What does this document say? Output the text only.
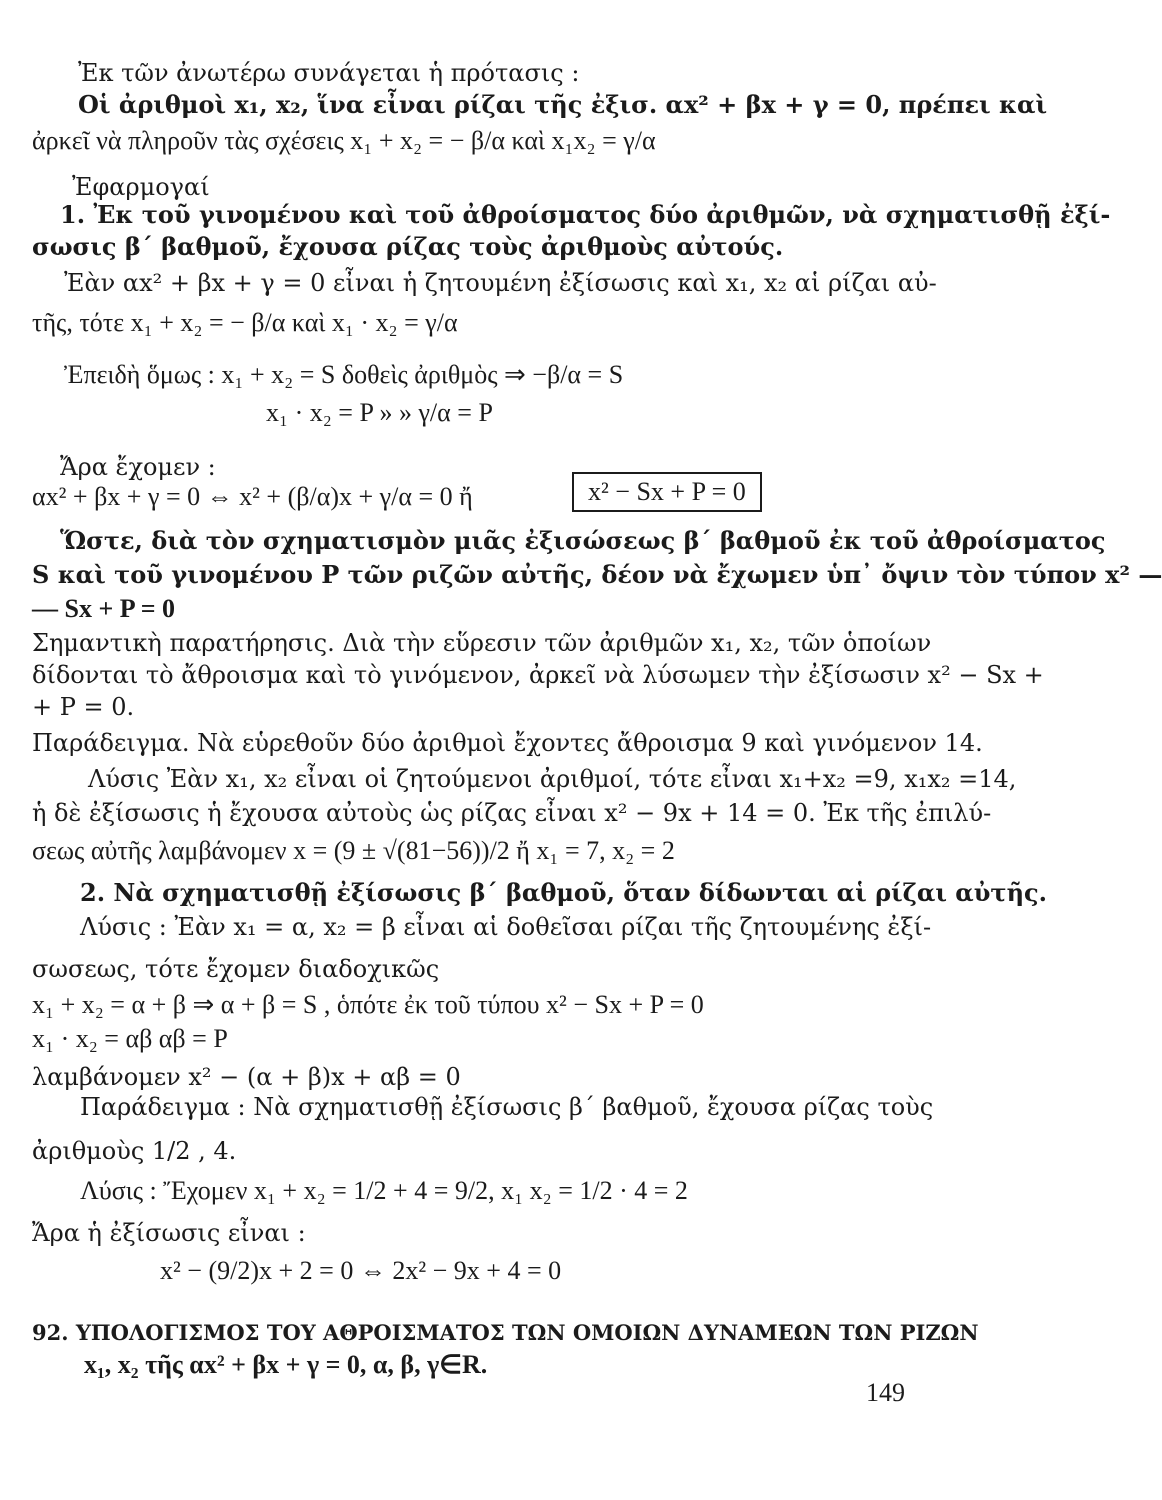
Ἐκ τῶν ἀνωτέρω συνάγεται ἡ πρότασις :
Οἱ ἀριθμοὶ x₁, x₂, ἵνα εἶναι ρίζαι τῆς ἐξισ. αx² + βx + γ = 0, πρέπει καὶ
ἀρκεῖ νὰ πληροῦν τὰς σχέσεις x₁ + x₂ = − β/α καὶ x₁x₂ = γ/α
Ἐφαρμογαί
1. Ἐκ τοῦ γινομένου καὶ τοῦ ἀθροίσματος δύο ἀριθμῶν, νὰ σχηματισθῇ ἐξί-
σωσις β΄ βαθμοῦ, ἔχουσα ρίζας τοὺς ἀριθμοὺς αὐτούς.
Ἐὰν αx² + βx + γ = 0 εἶναι ἡ ζητουμένη ἐξίσωσις καὶ x₁, x₂ αἱ ρίζαι αὐ-
τῆς, τότε x₁ + x₂ = − β/α καὶ x₁ · x₂ = γ/α
Ἐπειδὴ ὅμως : x₁ + x₂ = S δοθεὶς ἀριθμὸς ⇒ −β/α = S
x₁ · x₂ = P » » γ/α = P
Ἄρα ἔχομεν :
αx² + βx + γ = 0 ⇔ x² + (β/α)x + γ/α = 0 ἤ	x² − Sx + P = 0
Ὥστε, διὰ τὸν σχηματισμὸν μιᾶς ἐξισώσεως β΄ βαθμοῦ ἐκ τοῦ ἀθροίσματος
S καὶ τοῦ γινομένου P τῶν ριζῶν αὐτῆς, δέον νὰ ἔχωμεν ὑπ᾽ ὄψιν τὸν τύπον x² —
— Sx + P = 0
Σημαντικὴ παρατήρησις. Διὰ τὴν εὕρεσιν τῶν ἀριθμῶν x₁, x₂, τῶν ὁποίων
δίδονται τὸ ἄθροισμα καὶ τὸ γινόμενον, ἀρκεῖ νὰ λύσωμεν τὴν ἐξίσωσιν x² − Sx +
+ P = 0.
Παράδειγμα. Νὰ εὑρεθοῦν δύο ἀριθμοὶ ἔχοντες ἄθροισμα 9 καὶ γινόμενον 14.
Λύσις Ἐὰν x₁, x₂ εἶναι οἱ ζητούμενοι ἀριθμοί, τότε εἶναι x₁+x₂ =9, x₁x₂ =14,
ἡ δὲ ἐξίσωσις ἡ ἔχουσα αὐτοὺς ὡς ρίζας εἶναι x² − 9x + 14 = 0. Ἐκ τῆς ἐπιλύ-
σεως αὐτῆς λαμβάνομεν x = (9 ± √(81−56))/2 ἤ x₁ = 7, x₂ = 2
2. Νὰ σχηματισθῇ ἐξίσωσις β΄ βαθμοῦ, ὅταν δίδωνται αἱ ρίζαι αὐτῆς.
Λύσις : Ἐὰν x₁ = α, x₂ = β εἶναι αἱ δοθεῖσαι ρίζαι τῆς ζητουμένης ἐξί-
σωσεως, τότε ἔχομεν διαδοχικῶς
x₁ + x₂ = α + β ⇒ α + β = S , ὁπότε ἐκ τοῦ τύπου x² − Sx + P = 0
x₁ · x₂ = αβ αβ = P
λαμβάνομεν x² − (α + β)x + αβ = 0
Παράδειγμα : Νὰ σχηματισθῇ ἐξίσωσις β΄ βαθμοῦ, ἔχουσα ρίζας τοὺς
ἀριθμοὺς 1/2 , 4.
Λύσις : Ἔχομεν x₁ + x₂ = 1/2 + 4 = 9/2, x₁ x₂ = 1/2 · 4 = 2
Ἄρα ἡ ἐξίσωσις εἶναι :
x² − (9/2)x + 2 = 0 ⇔ 2x² − 9x + 4 = 0
92. ΥΠΟΛΟΓΙΣΜΟΣ ΤΟΥ ΑΘΡΟΙΣΜΑΤΟΣ ΤΩΝ ΟΜΟΙΩΝ ΔΥΝΑΜΕΩΝ ΤΩΝ ΡΙΖΩΝ
x₁, x₂ τῆς αx² + βx + γ = 0, α, β, γ∈R.
149
